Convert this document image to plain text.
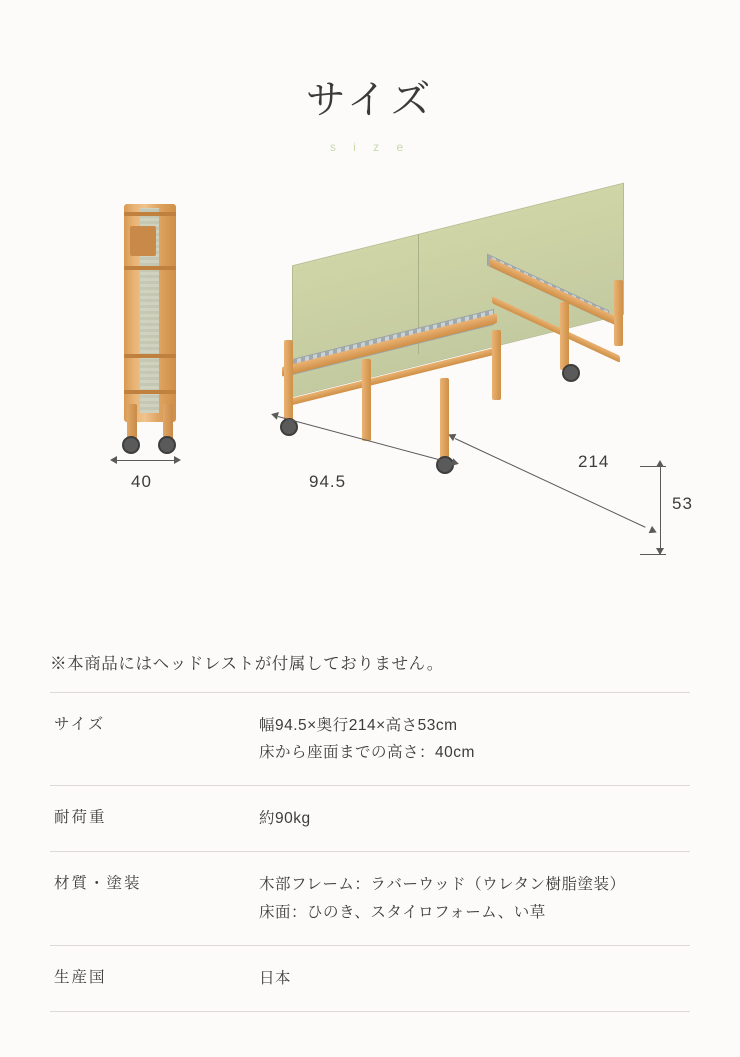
サイズ
s i z e
40
53
214
94.5
※本商品にはヘッドレストが付属しておりません。
サイズ	幅94.5×奥行214×高さ53cm
床から座面までの高さ：40cm

耐荷重	約90kg

材質・塗装	木部フレーム：ラバーウッド（ウレタン樹脂塗装）
床面：ひのき、スタイロフォーム、い草

生産国	日本
